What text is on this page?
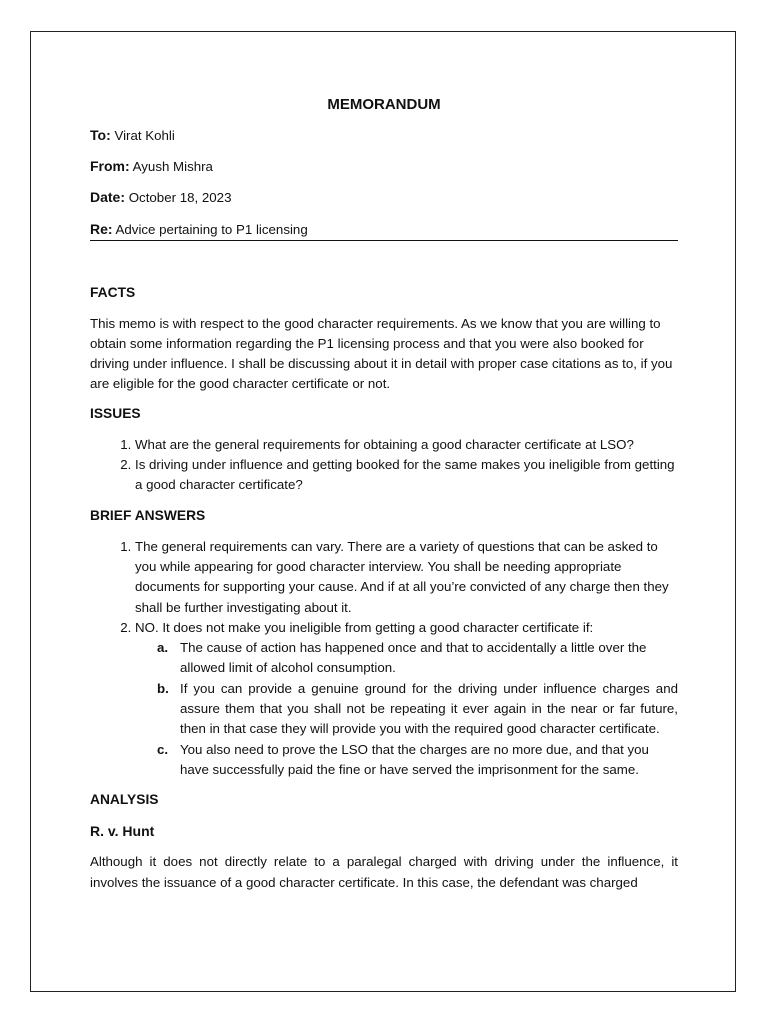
MEMORANDUM
To: Virat Kohli
From: Ayush Mishra
Date: October 18, 2023
Re: Advice pertaining to P1 licensing
FACTS

This memo is with respect to the good character requirements. As we know that you are willing to obtain some information regarding the P1 licensing process and that you were also booked for driving under influence. I shall be discussing about it in detail with proper case citations as to, if you are eligible for the good character certificate or not.

ISSUES
1. What are the general requirements for obtaining a good character certificate at LSO?
2. Is driving under influence and getting booked for the same makes you ineligible from getting a good character certificate?
BRIEF ANSWERS
1. The general requirements can vary. There are a variety of questions that can be asked to you while appearing for good character interview. You shall be needing appropriate documents for supporting your cause. And if at all you’re convicted of any charge then they shall be further investigating about it.
2. NO. It does not make you ineligible from getting a good character certificate if:
a. The cause of action has happened once and that to accidentally a little over the allowed limit of alcohol consumption.
b. If you can provide a genuine ground for the driving under influence charges and assure them that you shall not be repeating it ever again in the near or far future, then in that case they will provide you with the required good character certificate.
c. You also need to prove the LSO that the charges are no more due, and that you have successfully paid the fine or have served the imprisonment for the same.
ANALYSIS
R. v. Hunt

Although it does not directly relate to a paralegal charged with driving under the influence, it involves the issuance of a good character certificate. In this case, the defendant was charged
